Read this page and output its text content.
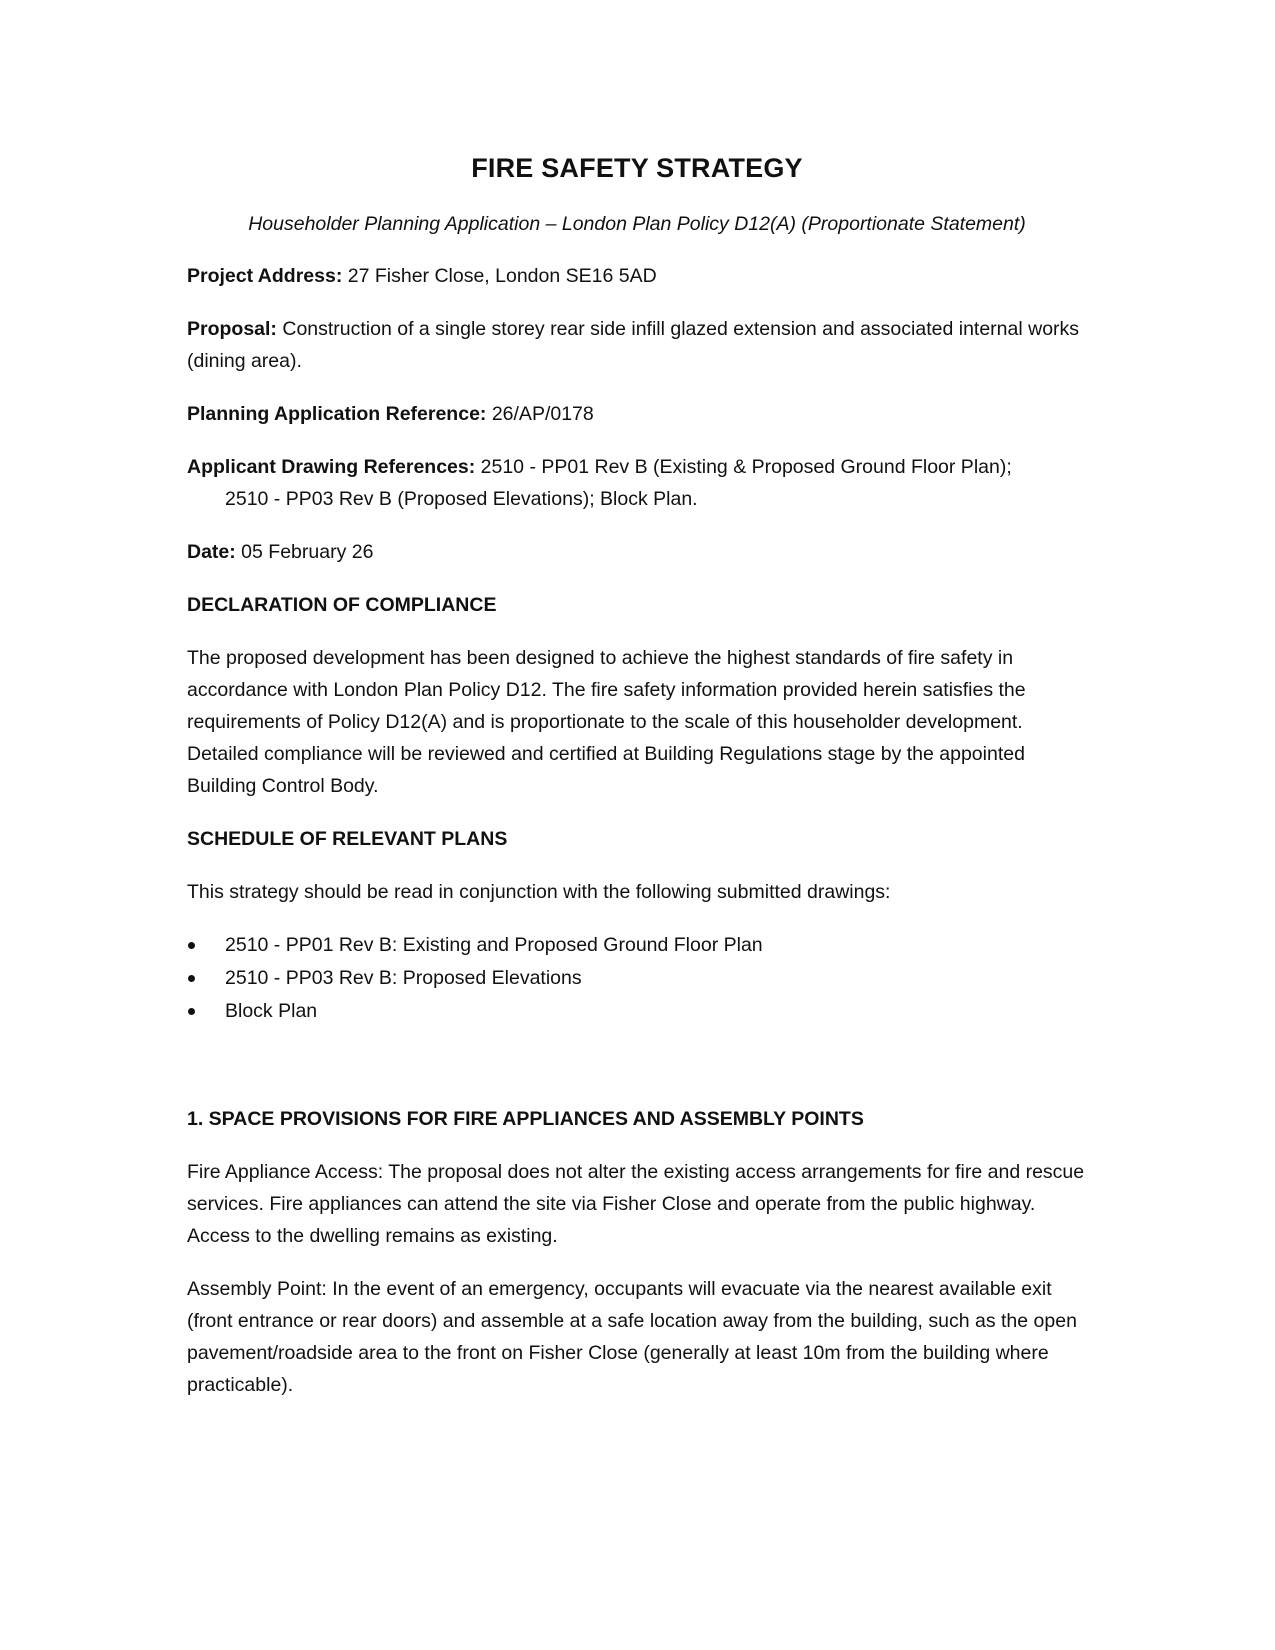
FIRE SAFETY STRATEGY
Householder Planning Application – London Plan Policy D12(A) (Proportionate Statement)

Project Address: 27 Fisher Close, London SE16 5AD

Proposal: Construction of a single storey rear side infill glazed extension and associated internal works (dining area).

Planning Application Reference: 26/AP/0178

Applicant Drawing References: 2510 - PP01 Rev B (Existing & Proposed Ground Floor Plan);
2510 - PP03 Rev B (Proposed Elevations); Block Plan.

Date: 05 February 26

DECLARATION OF COMPLIANCE

The proposed development has been designed to achieve the highest standards of fire safety in accordance with London Plan Policy D12. The fire safety information provided herein satisfies the requirements of Policy D12(A) and is proportionate to the scale of this householder development. Detailed compliance will be reviewed and certified at Building Regulations stage by the appointed Building Control Body.

SCHEDULE OF RELEVANT PLANS

This strategy should be read in conjunction with the following submitted drawings:

2510 - PP01 Rev B: Existing and Proposed Ground Floor Plan
2510 - PP03 Rev B: Proposed Elevations
Block Plan
1. SPACE PROVISIONS FOR FIRE APPLIANCES AND ASSEMBLY POINTS

Fire Appliance Access: The proposal does not alter the existing access arrangements for fire and rescue services. Fire appliances can attend the site via Fisher Close and operate from the public highway. Access to the dwelling remains as existing.

Assembly Point: In the event of an emergency, occupants will evacuate via the nearest available exit (front entrance or rear doors) and assemble at a safe location away from the building, such as the open pavement/roadside area to the front on Fisher Close (generally at least 10m from the building where practicable).
